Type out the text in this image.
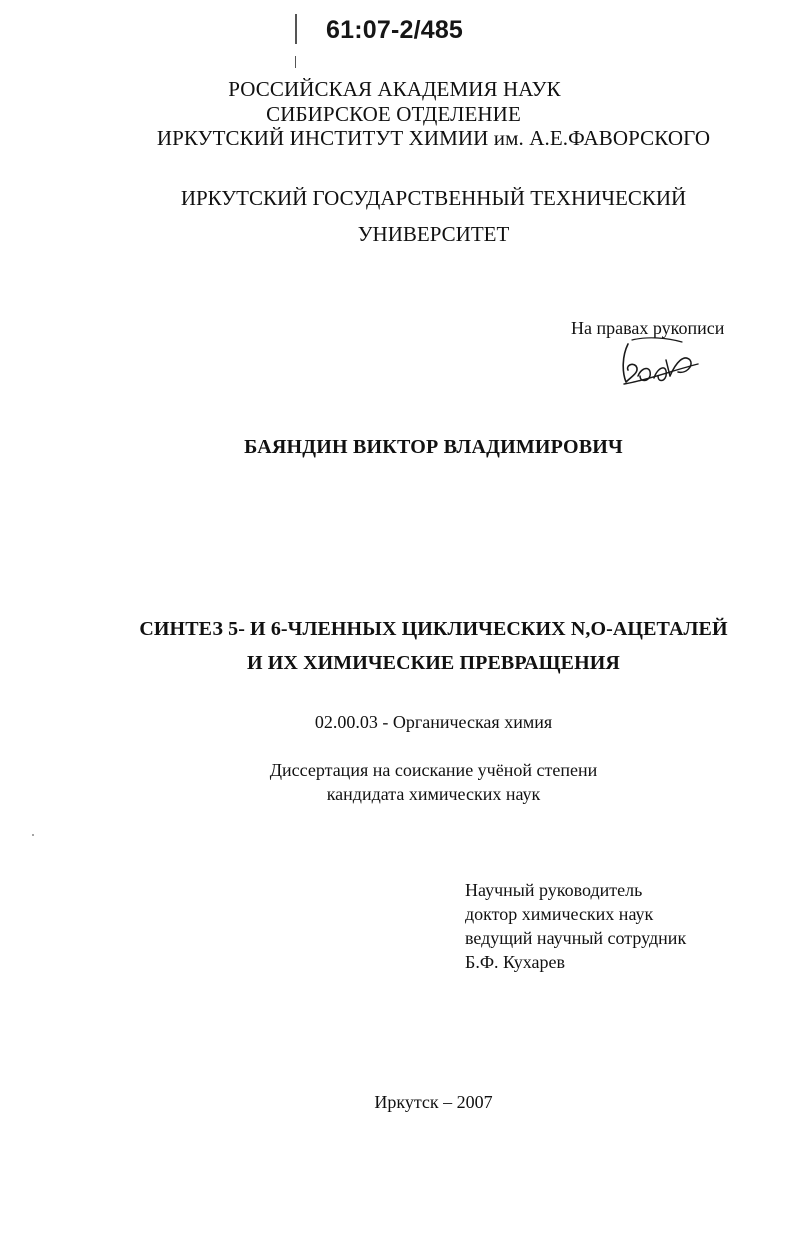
61:07-2/485
РОССИЙСКАЯ АКАДЕМИЯ НАУК
СИБИРСКОЕ ОТДЕЛЕНИЕ
ИРКУТСКИЙ ИНСТИТУТ ХИМИИ им. А.Е.ФАВОРСКОГО
ИРКУТСКИЙ ГОСУДАРСТВЕННЫЙ ТЕХНИЧЕСКИЙ
УНИВЕРСИТЕТ
На правах рукописи
БАЯНДИН ВИКТОР ВЛАДИМИРОВИЧ
СИНТЕЗ 5- И 6-ЧЛЕННЫХ ЦИКЛИЧЕСКИХ N,O-АЦЕТАЛЕЙ
И ИХ ХИМИЧЕСКИЕ ПРЕВРАЩЕНИЯ
02.00.03 - Органическая химия
Диссертация на соискание учёной степени
кандидата химических наук
Научный руководитель
доктор химических наук
ведущий научный сотрудник
Б.Ф. Кухарев
Иркутск – 2007
